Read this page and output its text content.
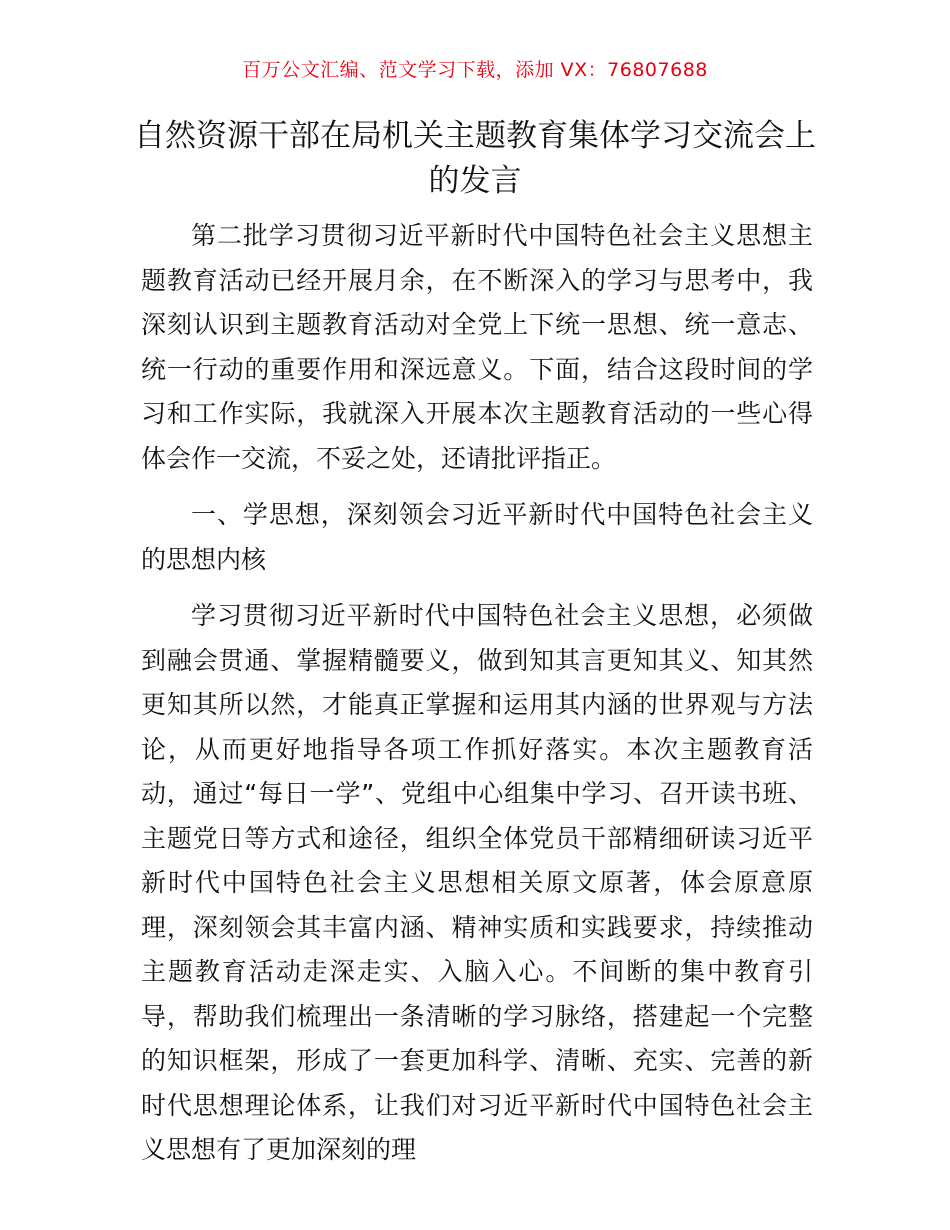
百万公文汇编、范文学习下载，添加 VX：76807688
自然资源干部在局机关主题教育集体学习交流会上的发言

第二批学习贯彻习近平新时代中国特色社会主义思想主题教育活动已经开展月余，在不断深入的学习与思考中，我深刻认识到主题教育活动对全党上下统一思想、统一意志、统一行动的重要作用和深远意义。下面，结合这段时间的学习和工作实际，我就深入开展本次主题教育活动的一些心得体会作一交流，不妥之处，还请批评指正。

一、学思想，深刻领会习近平新时代中国特色社会主义的思想内核

学习贯彻习近平新时代中国特色社会主义思想，必须做到融会贯通、掌握精髓要义，做到知其言更知其义、知其然更知其所以然，才能真正掌握和运用其内涵的世界观与方法论，从而更好地指导各项工作抓好落实。本次主题教育活动，通过“每日一学”、党组中心组集中学习、召开读书班、主题党日等方式和途径，组织全体党员干部精细研读习近平新时代中国特色社会主义思想相关原文原著，体会原意原理，深刻领会其丰富内涵、精神实质和实践要求，持续推动主题教育活动走深走实、入脑入心。不间断的集中教育引导，帮助我们梳理出一条清晰的学习脉络，搭建起一个完整的知识框架，形成了一套更加科学、清晰、充实、完善的新时代思想理论体系，让我们对习近平新时代中国特色社会主义思想有了更加深刻的理
